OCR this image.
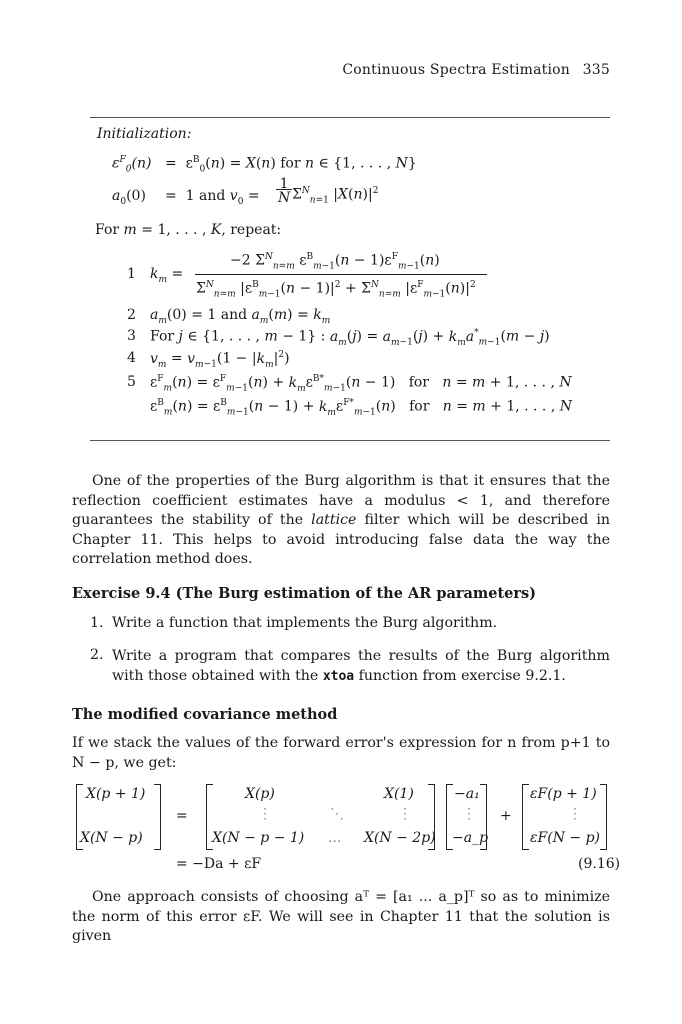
Continuous Spectra Estimation 335
Initialization:
$\varepsilon^F_0(n) = \varepsilon^B_0(n) = X(n)$ for n ∈ {1, . . . , N}
$a_0(0) = 1$ and $v_0$ =
1
N $\Sigma^N_{n=1}$ $|X(n)|^2$
For m = 1, . . . , K, repeat:
1 $k_m$ =
−2 $\Sigma^N_{n=m}$ $\varepsilon^B_{m-1}(n - 1)\varepsilon^F_{m-1}(n)$
$\Sigma^N_{n=m}$ $|\varepsilon^B_{m-1}(n - 1)|^2 + \Sigma^N_{n=m}$ $|\varepsilon^F_{m-1}(n)|^2$
2 $a_m(0) = 1$ and $a_m(m) = k_m$
3 For j ∈ {1, . . . , m − 1} : $a_m(j) = a_{m-1}(j) + k_ma^*_{m-1}(m - j)$
4 $v_m = v_{m-1}(1 - |k_m|^2)$
5 $\varepsilon^F_m(n) = \varepsilon^F_{m-1}(n) + k_m\varepsilon^{B*}_{m-1}(n - 1)$   for   n = m + 1, . . . , N
$\varepsilon^B_m(n) = \varepsilon^B_{m-1}(n - 1) + k_m\varepsilon^{F*}_{m-1}(n)$   for   n = m + 1, . . . , N
One of the properties of the Burg algorithm is that it ensures that the reflection coefficient estimates have a modulus < 1, and therefore guarantees the stability of the lattice filter which will be described in Chapter 11. This helps to avoid introducing false data the way the correlation method does.
Exercise 9.4 (The Burg estimation of the AR parameters)
1. Write a function that implements the Burg algorithm.
2. Write a program that compares the results of the Burg algorithm with those obtained with the xtoa function from exercise 9.2.1.
The modified covariance method
If we stack the values of the forward error's expression for n from p+1 to N − p, we get:
X(p + 1)
X(N − p)
=
X(p)	X(1)
⋮	⋱	⋮
X(N − p − 1) ... X(N − 2p)
−a₁
⋮
−a_p
+
εF(p + 1)
⋮
εF(N − p)
= −Da + εF	(9.16)
One approach consists of choosing aᵀ = [a₁ ... a_p]ᵀ so as to minimize the norm of this error εF. We will see in Chapter 11 that the solution is given
